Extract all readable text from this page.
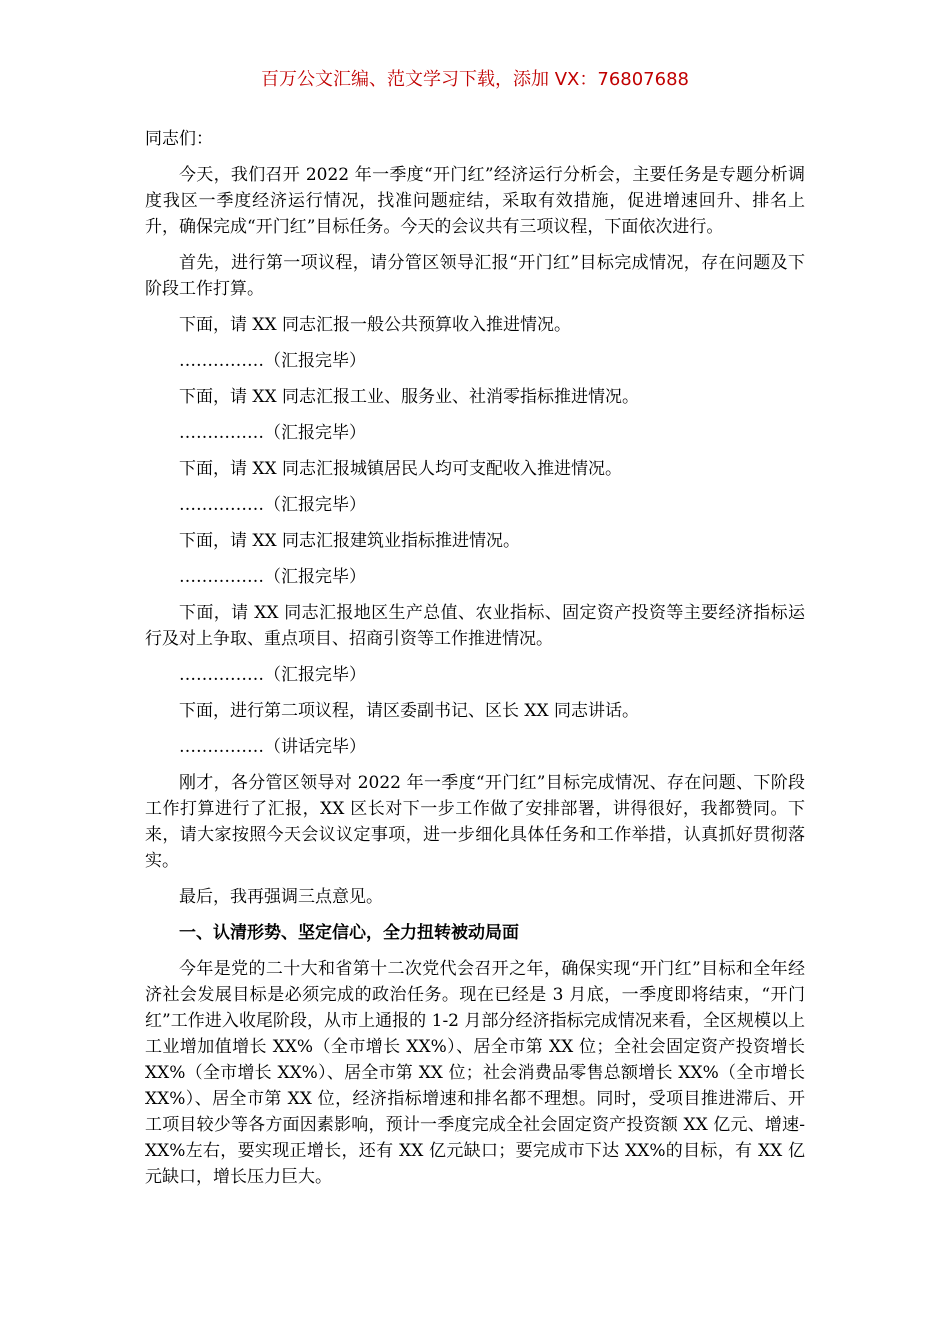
百万公文汇编、范文学习下载，添加 VX：76807688

同志们：

今天，我们召开 2022 年一季度“开门红”经济运行分析会，主要任务是专题分析调度我区一季度经济运行情况，找准问题症结，采取有效措施，促进增速回升、排名上升，确保完成“开门红”目标任务。今天的会议共有三项议程，下面依次进行。

首先，进行第一项议程，请分管区领导汇报“开门红”目标完成情况，存在问题及下阶段工作打算。

下面，请 XX 同志汇报一般公共预算收入推进情况。

……………（汇报完毕）

下面，请 XX 同志汇报工业、服务业、社消零指标推进情况。

……………（汇报完毕）

下面，请 XX 同志汇报城镇居民人均可支配收入推进情况。

……………（汇报完毕）

下面，请 XX 同志汇报建筑业指标推进情况。

……………（汇报完毕）

下面，请 XX 同志汇报地区生产总值、农业指标、固定资产投资等主要经济指标运行及对上争取、重点项目、招商引资等工作推进情况。

……………（汇报完毕）

下面，进行第二项议程，请区委副书记、区长 XX 同志讲话。

……………（讲话完毕）

刚才，各分管区领导对 2022 年一季度“开门红”目标完成情况、存在问题、下阶段工作打算进行了汇报，XX 区长对下一步工作做了安排部署，讲得很好，我都赞同。下来，请大家按照今天会议议定事项，进一步细化具体任务和工作举措，认真抓好贯彻落实。

最后，我再强调三点意见。

一、认清形势、坚定信心，全力扭转被动局面

今年是党的二十大和省第十二次党代会召开之年，确保实现“开门红”目标和全年经济社会发展目标是必须完成的政治任务。现在已经是 3 月底，一季度即将结束，“开门红”工作进入收尾阶段，从市上通报的 1-2 月部分经济指标完成情况来看，全区规模以上工业增加值增长 XX%（全市增长 XX%）、居全市第 XX 位；全社会固定资产投资增长 XX%（全市增长 XX%）、居全市第 XX 位；社会消费品零售总额增长 XX%（全市增长 XX%）、居全市第 XX 位，经济指标增速和排名都不理想。同时，受项目推进滞后、开工项目较少等各方面因素影响，预计一季度完成全社会固定资产投资额 XX 亿元、增速-XX%左右，要实现正增长，还有 XX 亿元缺口；要完成市下达 XX%的目标，有 XX 亿元缺口，增长压力巨大。
